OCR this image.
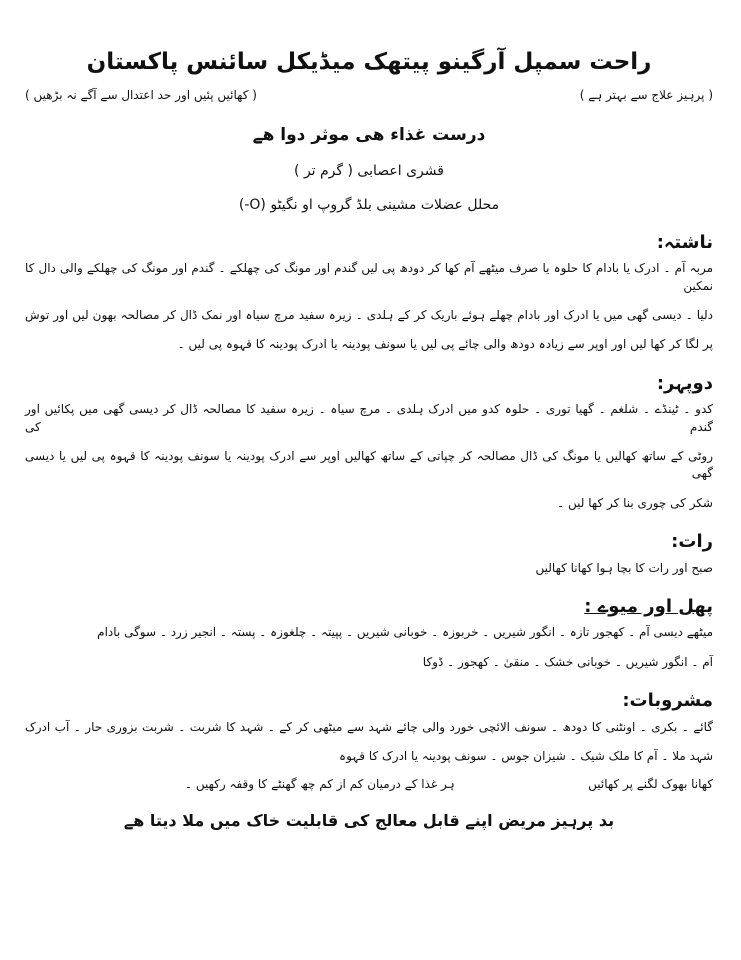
راحت سمپل آرگینو پیتھک میڈیکل سائنس پاکستان
( پرہیز علاج سے بہتر ہے )
( کھائیں پئیں اور حد اعتدال سے آگے نہ بڑھیں )
درست غذاء ھی موثر دوا ھے
قشری اعصابی ( گرم تر )
محلل عضلات مشینی بلڈ گروپ او نگیٹو (O-)
ناشتہ:
مربہ آم ۔ ادرک یا بادام کا حلوہ یا صرف میٹھے آم کھا کر دودھ پی لیں گندم اور مونگ کی چھلکے ۔ گندم اور مونگ کی چھلکے والی دال کا نمکین
دلیا ۔ دیسی گھی میں یا ادرک اور بادام چھلے ہوئے باریک کر کے ہلدی ۔ زیرہ سفید مرچ سیاہ اور نمک ڈال کر مصالحہ بھون لیں اور توش
پر لگا کر کھا لیں اور اوپر سے زیادہ دودھ والی چائے پی لیں یا سونف پودینہ یا ادرک پودینہ کا قہوہ پی لیں ۔
دوپہر:
کدو ۔ ٹینڈے ۔ شلغم ۔ گھیا توری ۔ حلوہ کدو میں ادرک ہلدی ۔ مرچ سیاہ ۔ زیرہ سفید کا مصالحہ ڈال کر دیسی گھی میں پکائیں اور گندم کی
روٹی کے ساتھ کھالیں یا مونگ کی ڈال مصالحہ کر چپاتی کے ساتھ کھالیں اوپر سے ادرک پودینہ یا سونف پودینہ کا قہوہ پی لیں یا دیسی گھی
شکر کی چوری بنا کر کھا لیں ۔
رات:
صبح اور رات کا بچا ہوا کھانا کھالیں
پھل اور میوے :
میٹھے دیسی آم ۔ کھجور تازہ ۔ انگور شیریں ۔ خربوزہ ۔ خوبانی شیریں ۔ پپیتہ ۔ چلغوزہ ۔ پستہ ۔ انجیر زرد ۔ سوگی بادام
آم ۔ انگور شیریں ۔ خوبانی خشک ۔ منقیٰ ۔ کھجور ۔ ڈوکا
مشروبات:
گائے ۔ بکری ۔ اونٹنی کا دودھ ۔ سونف الائچی خورد والی چائے شہد سے میٹھی کر کے ۔ شہد کا شربت ۔ شربت بزوری حار ۔ آب ادرک
شہد ملا ۔ آم کا ملک شیک ۔ شیزان جوس ۔ سونف پودینہ یا ادرک کا قہوہ
کھانا بھوک لگنے پر کھائیں
ہر غذا کے درمیان کم از کم چھ گھنٹے کا وقفہ رکھیں ۔
بد پرہیز مریض اپنے قابل معالج کی قابلیت خاک میں ملا دیتا ھے
